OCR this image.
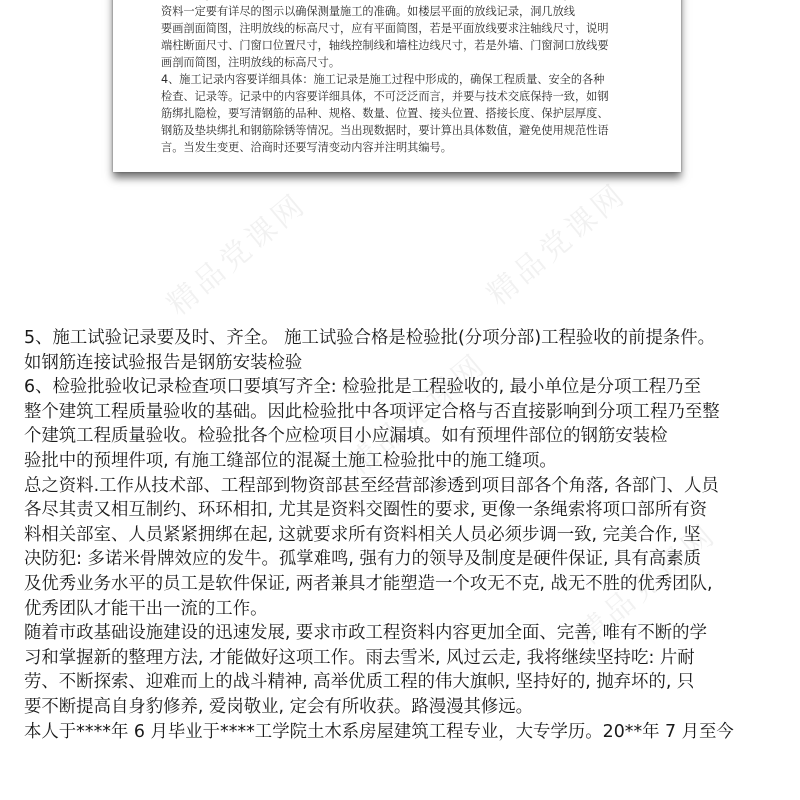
资料一定要有详尽的图示以确保测量施工的准确。如楼层平面的放线记录，洞几放线
要画剖面简图，注明放线的标高尺寸，应有平面简图，若是平面放线要求注轴线尺寸，说明
端柱断面尺寸、门窗口位置尺寸，轴线控制线和墙柱边线尺寸，若是外墙、门窗洞口放线要
画剖而简图，注明放线的标高尺寸。
4、施工记录内容要详细具体：施工记录是施工过程中形成的，确保工程质量、安全的各种
检查、记录等。记录中的内容要详细具体，不可泛泛而言，并要与技术交底保持一致，如钢
筋绑扎隐检，要写清钢筋的品种、规格、数量、位置、接头位置、搭接长度、保护层厚度、
钢筋及垫块绑扎和钢筋除锈等情况。当出现数据时，要计算出具体数值，避免使用规范性语
言。当发生变更、洽商时还要写清变动内容并注明其编号。
精品党课网	精品党课网
精品党课网
精品党课网
5、施工试验记录要及时、齐全。 施工试验合格是检验批(分项分部)工程验收的前提条件。
如钢筋连接试验报告是钢筋安装检验
6、检验批验收记录检查项口要填写齐全: 检验批是工程验收的, 最小单位是分项工程乃至
整个建筑工程质量验收的基础。因此检验批中各项评定合格与否直接影响到分项工程乃至整
个建筑工程质量验收。检验批各个应检项目小应漏填。如有预埋件部位的钢筋安装检
验批中的预埋件项, 有施工缝部位的混凝土施工检验批中的施工缝项。
总之资料.工作从技术部、工程部到物资部甚至经营部渗透到项目部各个角落, 各部门、人员
各尽其责又相互制约、环环相扣, 尤其是资料交圈性的要求, 更像一条绳索将项口部所有资
料相关部室、人员紧紧拥绑在起, 这就要求所有资料相关人员必须步调一致, 完美合作, 坚
决防犯: 多诺米骨牌效应的发牛。孤掌难鸣, 强有力的领导及制度是硬件保证, 具有高素质
及优秀业务水平的员工是软件保证, 两者兼具才能塑造一个攻无不克, 战无不胜的优秀团队,
优秀团队才能干出一流的工作。
随着市政基础设施建设的迅速发展, 要求市政工程资料内容更加全面、完善, 唯有不断的学
习和掌握新的整理方法, 才能做好这项工作。雨去雪米, 风过云走, 我将继续坚持吃: 片耐
劳、不断探索、迎难而上的战斗精神, 高举优质工程的伟大旗帜, 坚持好的, 抛弃坏的, 只
要不断提高自身豹修养, 爱岗敬业, 定会有所收获。路漫漫其修远。
本人于****年 6 月毕业于****工学院土木系房屋建筑工程专业，大专学历。20**年 7 月至今
